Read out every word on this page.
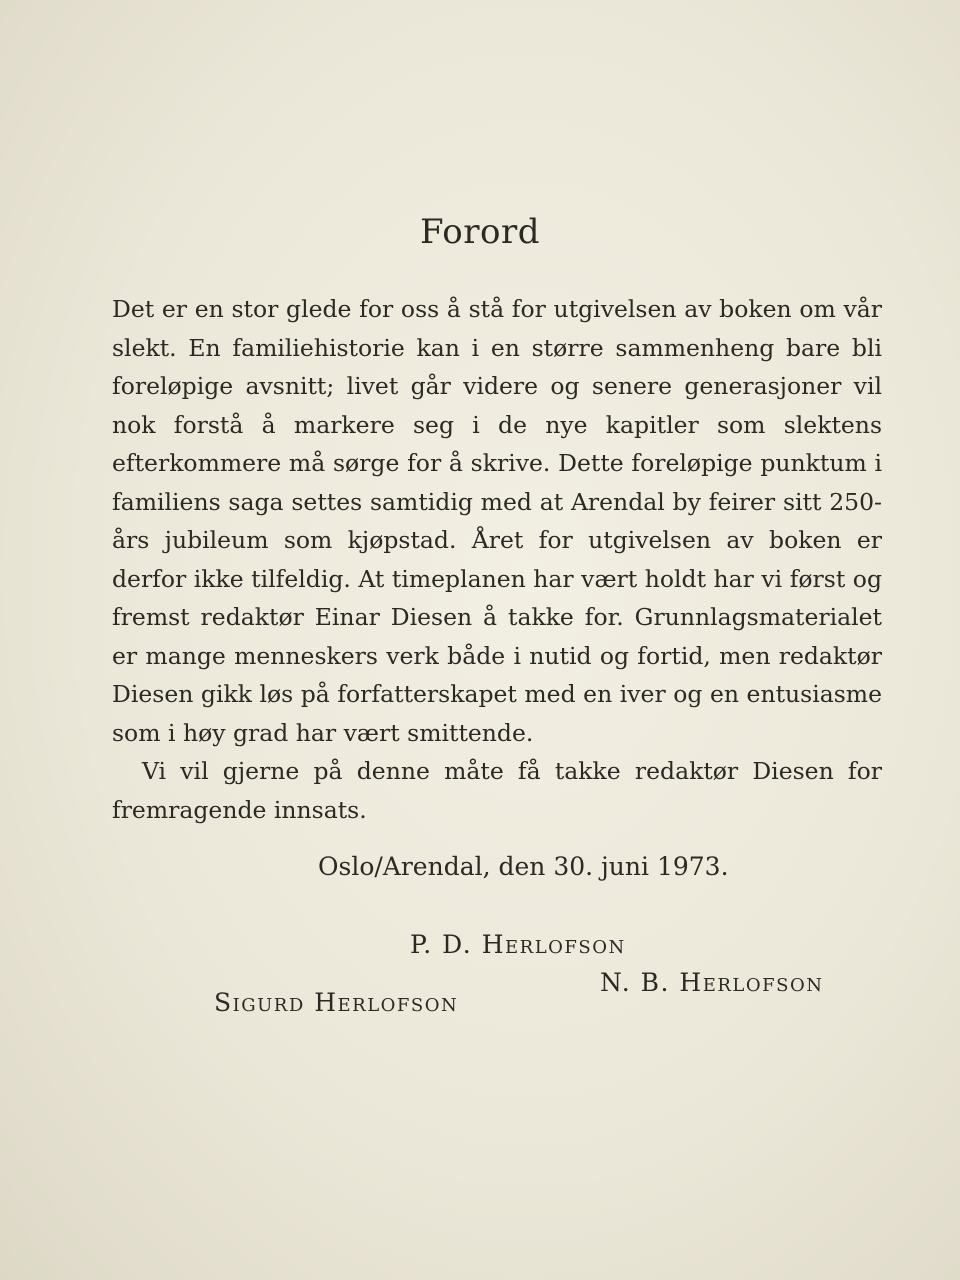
Forord

Det er en stor glede for oss å stå for utgivelsen av boken om vår slekt. En familiehistorie kan i en større sammenheng bare bli foreløpige avsnitt; livet går videre og senere generasjoner vil nok forstå å markere seg i de nye kapitler som slektens efterkommere må sørge for å skrive. Dette foreløpige punktum i familiens saga settes samtidig med at Arendal by feirer sitt 250-års jubileum som kjøpstad. Året for utgivelsen av boken er derfor ikke tilfeldig. At timeplanen har vært holdt har vi først og fremst redaktør Einar Diesen å takke for. Grunnlagsmaterialet er mange menneskers verk både i nutid og fortid, men redaktør Diesen gikk løs på forfatterskapet med en iver og en entusiasme som i høy grad har vært smittende.

Vi vil gjerne på denne måte få takke redaktør Diesen for fremragende innsats.

Oslo/Arendal, den 30. juni 1973.
P. D. Herlofson
Sigurd Herlofson
N. B. Herlofson
